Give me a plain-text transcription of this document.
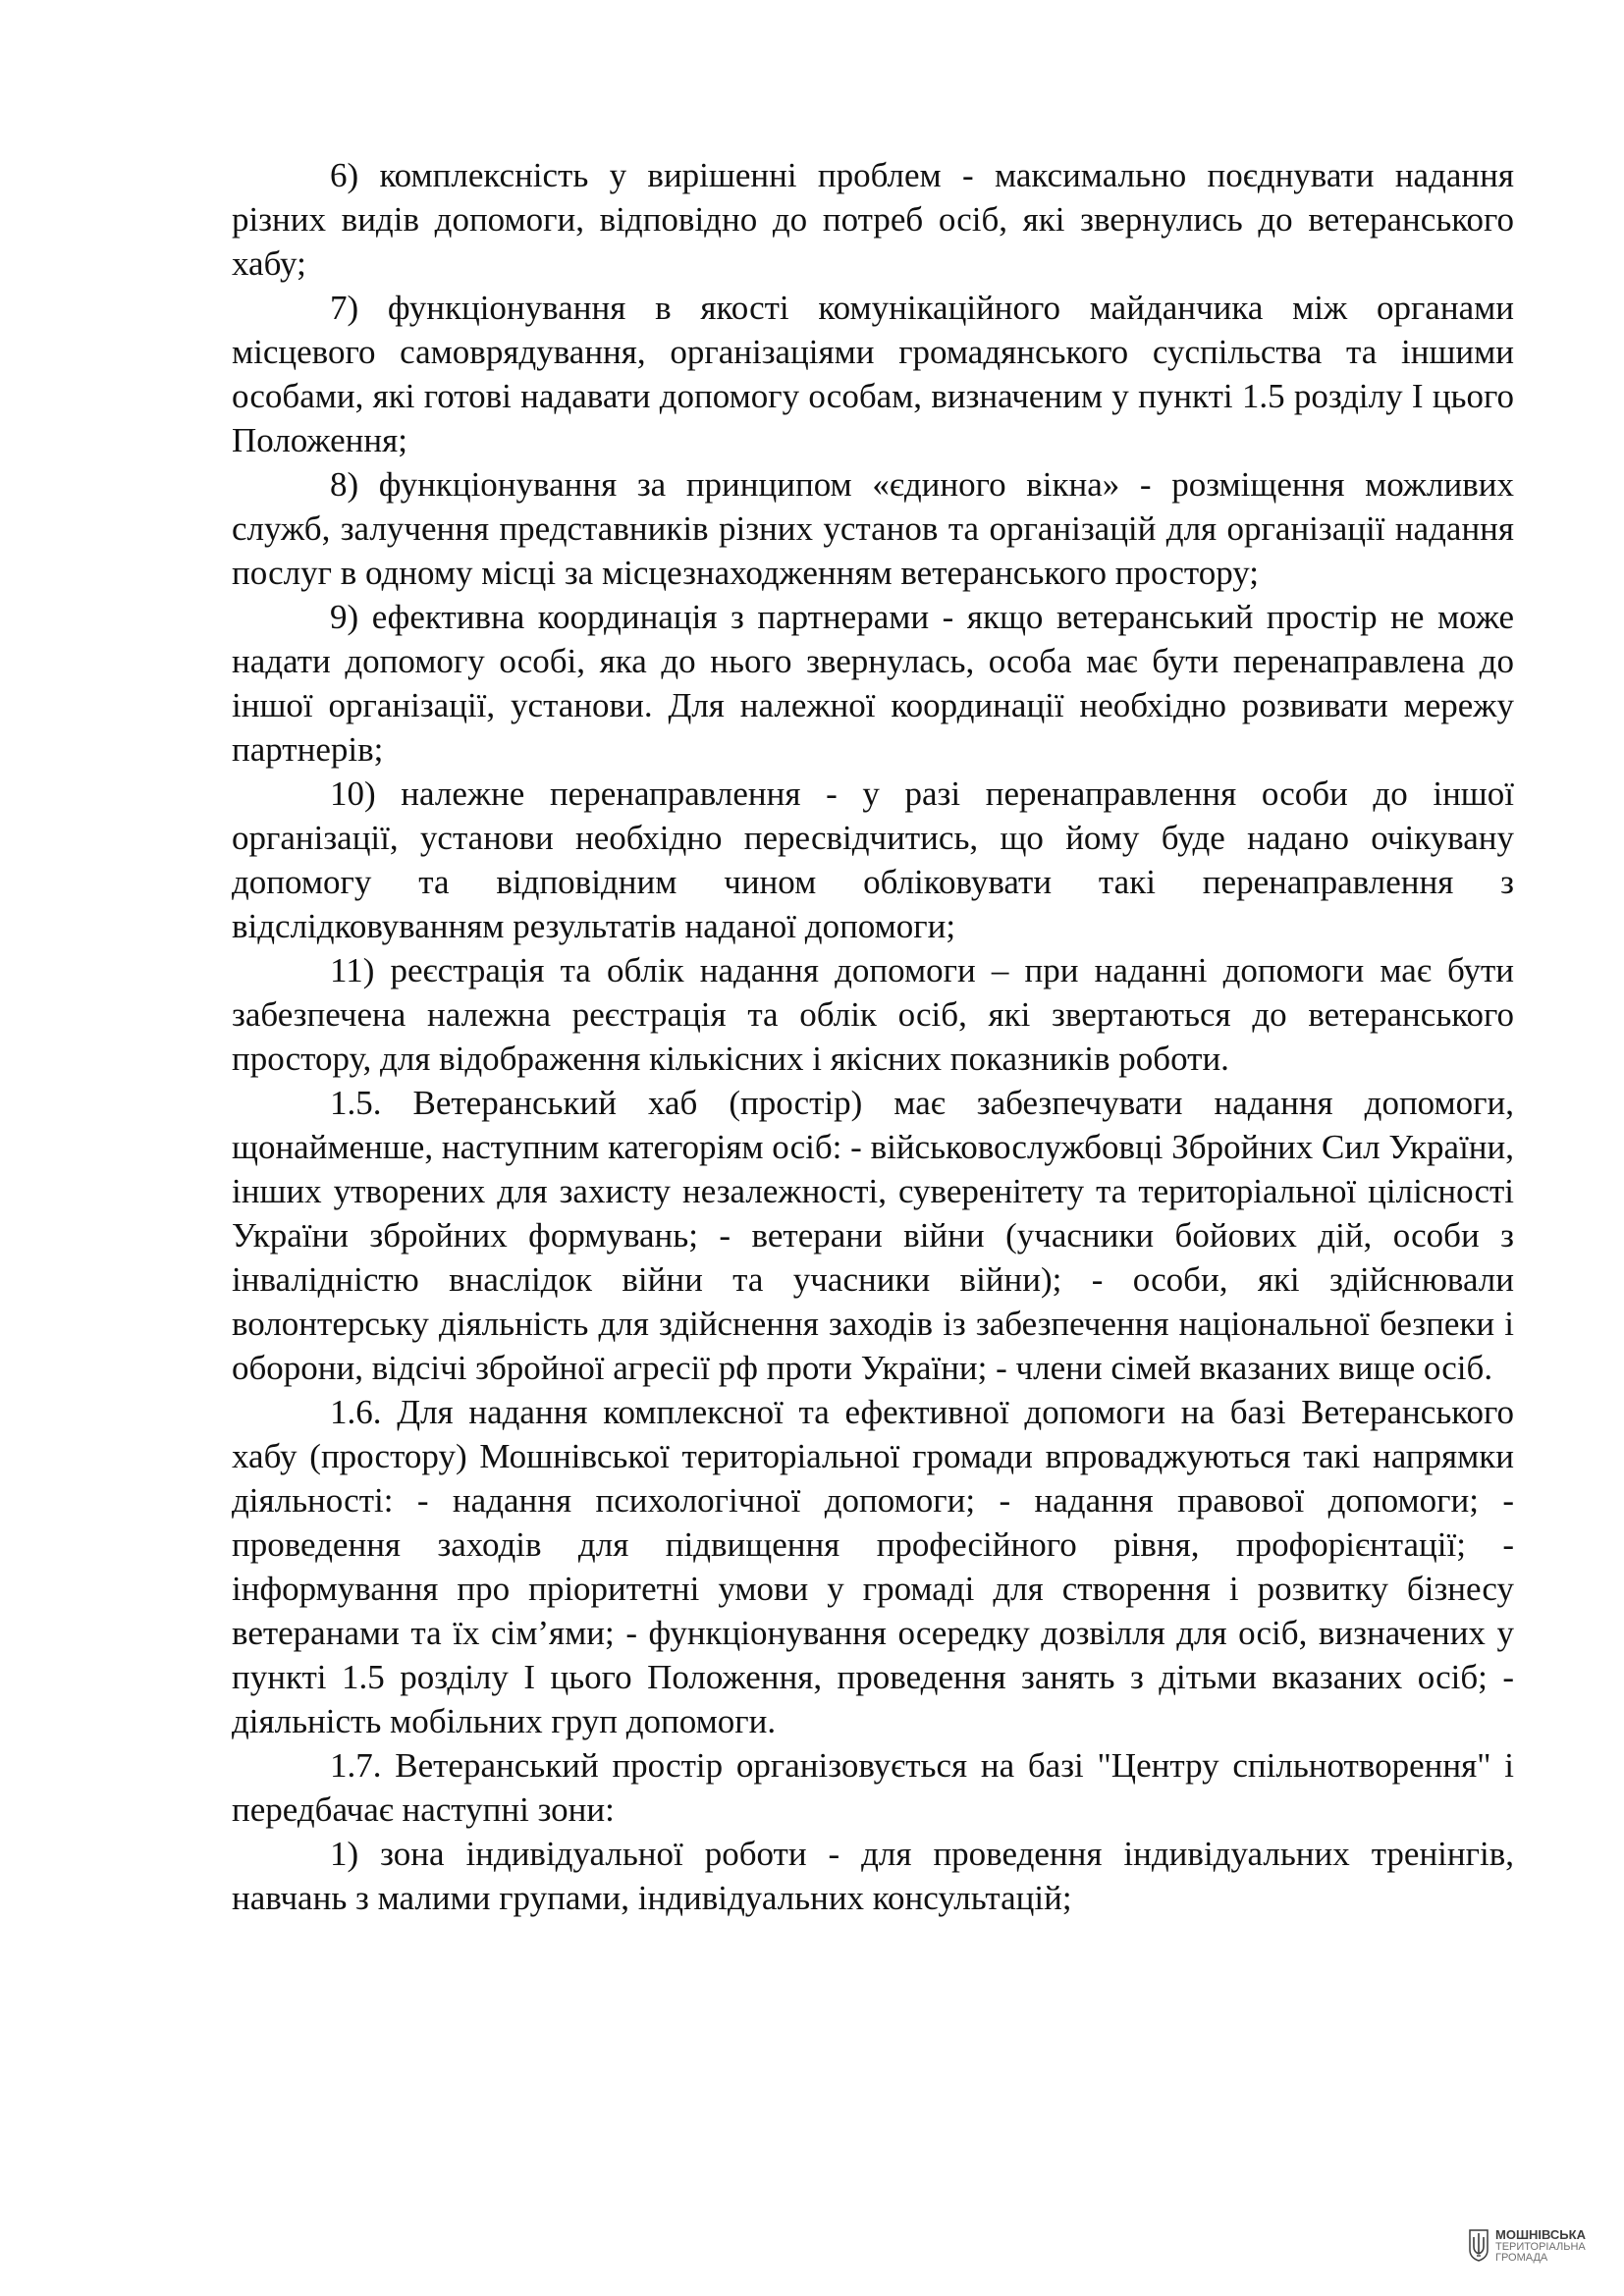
6) комплексність у вирішенні проблем - максимально поєднувати надання різних видів допомоги, відповідно до потреб осіб, які звернулись до ветеранського хабу;

7) функціонування в якості комунікаційного майданчика між органами місцевого самоврядування, організаціями громадянського суспільства та іншими особами, які готові надавати допомогу особам, визначеним у пункті 1.5 розділу I цього Положення;

8) функціонування за принципом «єдиного вікна» - розміщення можливих служб, залучення представників різних установ та організацій для організації надання послуг в одному місці за місцезнаходженням ветеранського простору;

9) ефективна координація з партнерами - якщо ветеранський простір не може надати допомогу особі, яка до нього звернулась, особа має бути перенаправлена до іншої організації, установи. Для належної координації необхідно розвивати мережу партнерів;

10) належне перенаправлення - у разі перенаправлення особи до іншої організації, установи необхідно пересвідчитись, що йому буде надано очікувану допомогу та відповідним чином обліковувати такі перенаправлення з відслідковуванням результатів наданої допомоги;

11) реєстрація та облік надання допомоги – при наданні допомоги має бути забезпечена належна реєстрація та облік осіб, які звертаються до ветеранського простору, для відображення кількісних і якісних показників роботи.

1.5. Ветеранський хаб (простір) має забезпечувати надання допомоги, щонайменше, наступним категоріям осіб: - військовослужбовці Збройних Сил України, інших утворених для захисту незалежності, суверенітету та територіальної цілісності України збройних формувань; - ветерани війни (учасники бойових дій, особи з інвалідністю внаслідок війни та учасники війни); - особи, які здійснювали волонтерську діяльність для здійснення заходів із забезпечення національної безпеки і оборони, відсічі збройної агресії рф проти України; - члени сімей вказаних вище осіб.

1.6. Для надання комплексної та ефективної допомоги на базі Ветеранського хабу (простору) Мошнівської територіальної громади впроваджуються такі напрямки діяльності: - надання психологічної допомоги; - надання правової допомоги; - проведення заходів для підвищення професійного рівня, профорієнтації; - інформування про пріоритетні умови у громаді для створення і розвитку бізнесу ветеранами та їх сім’ями; - функціонування осередку дозвілля для осіб, визначених у пункті 1.5 розділу I цього Положення, проведення занять з дітьми вказаних осіб; - діяльність мобільних груп допомоги.

1.7. Ветеранський простір організовується на базі "Центру спільнотворення" і передбачає наступні зони:

1) зона індивідуальної роботи - для проведення індивідуальних тренінгів, навчань з малими групами, індивідуальних консультацій;

МОШНІВСЬКА
ТЕРИТОРІАЛЬНА
ГРОМАДА
